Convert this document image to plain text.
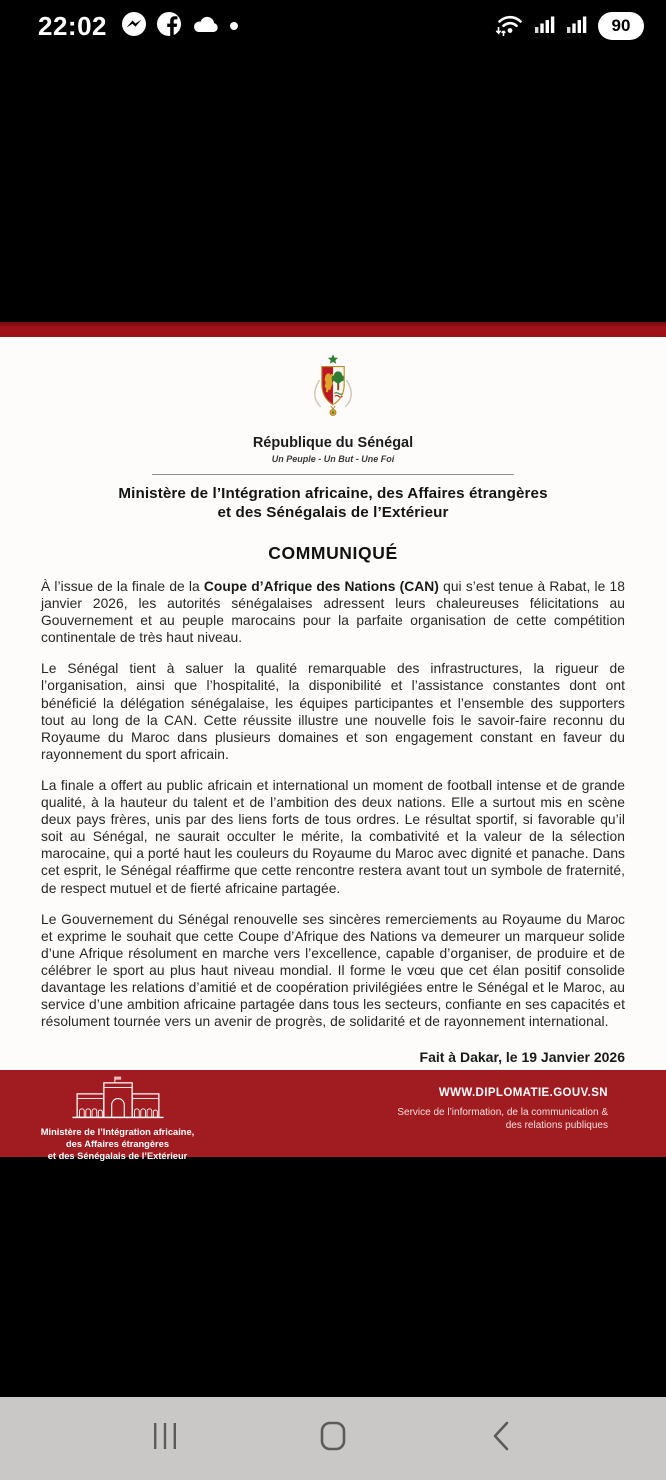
22:02	90
République du Sénégal
Un Peuple - Un But - Une Foi
Ministère de l’Intégration africaine, des Affaires étrangères
et des Sénégalais de l’Extérieur
COMMUNIQUÉ

À l’issue de la finale de la Coupe d’Afrique des Nations (CAN) qui s’est tenue à Rabat, le 18 janvier 2026, les autorités sénégalaises adressent leurs chaleureuses félicitations au Gouvernement et au peuple marocains pour la parfaite organisation de cette compétition continentale de très haut niveau.

Le Sénégal tient à saluer la qualité remarquable des infrastructures, la rigueur de l’organisation, ainsi que l’hospitalité, la disponibilité et l’assistance constantes dont ont bénéficié la délégation sénégalaise, les équipes participantes et l’ensemble des supporters tout au long de la CAN. Cette réussite illustre une nouvelle fois le savoir-faire reconnu du Royaume du Maroc dans plusieurs domaines et son engagement constant en faveur du rayonnement du sport africain.

La finale a offert au public africain et international un moment de football intense et de grande qualité, à la hauteur du talent et de l’ambition des deux nations. Elle a surtout mis en scène deux pays frères, unis par des liens forts de tous ordres. Le résultat sportif, si favorable qu’il soit au Sénégal, ne saurait occulter le mérite, la combativité et la valeur de la sélection marocaine, qui a porté haut les couleurs du Royaume du Maroc avec dignité et panache. Dans cet esprit, le Sénégal réaffirme que cette rencontre restera avant tout un symbole de fraternité, de respect mutuel et de fierté africaine partagée.

Le Gouvernement du Sénégal renouvelle ses sincères remerciements au Royaume du Maroc et exprime le souhait que cette Coupe d’Afrique des Nations va demeurer un marqueur solide d’une Afrique résolument en marche vers l’excellence, capable d’organiser, de produire et de célébrer le sport au plus haut niveau mondial. Il forme le vœu que cet élan positif consolide davantage les relations d’amitié et de coopération privilégiées entre le Sénégal et le Maroc, au service d’une ambition africaine partagée dans tous les secteurs, confiante en ses capacités et résolument tournée vers un avenir de progrès, de solidarité et de rayonnement international.

Fait à Dakar, le 19 Janvier 2026
Ministère de l’Intégration africaine,
des Affaires étrangères
et des Sénégalais de l’Extérieur
WWW.DIPLOMATIE.GOUV.SN
Service de l’information, de la communication &
des relations publiques
